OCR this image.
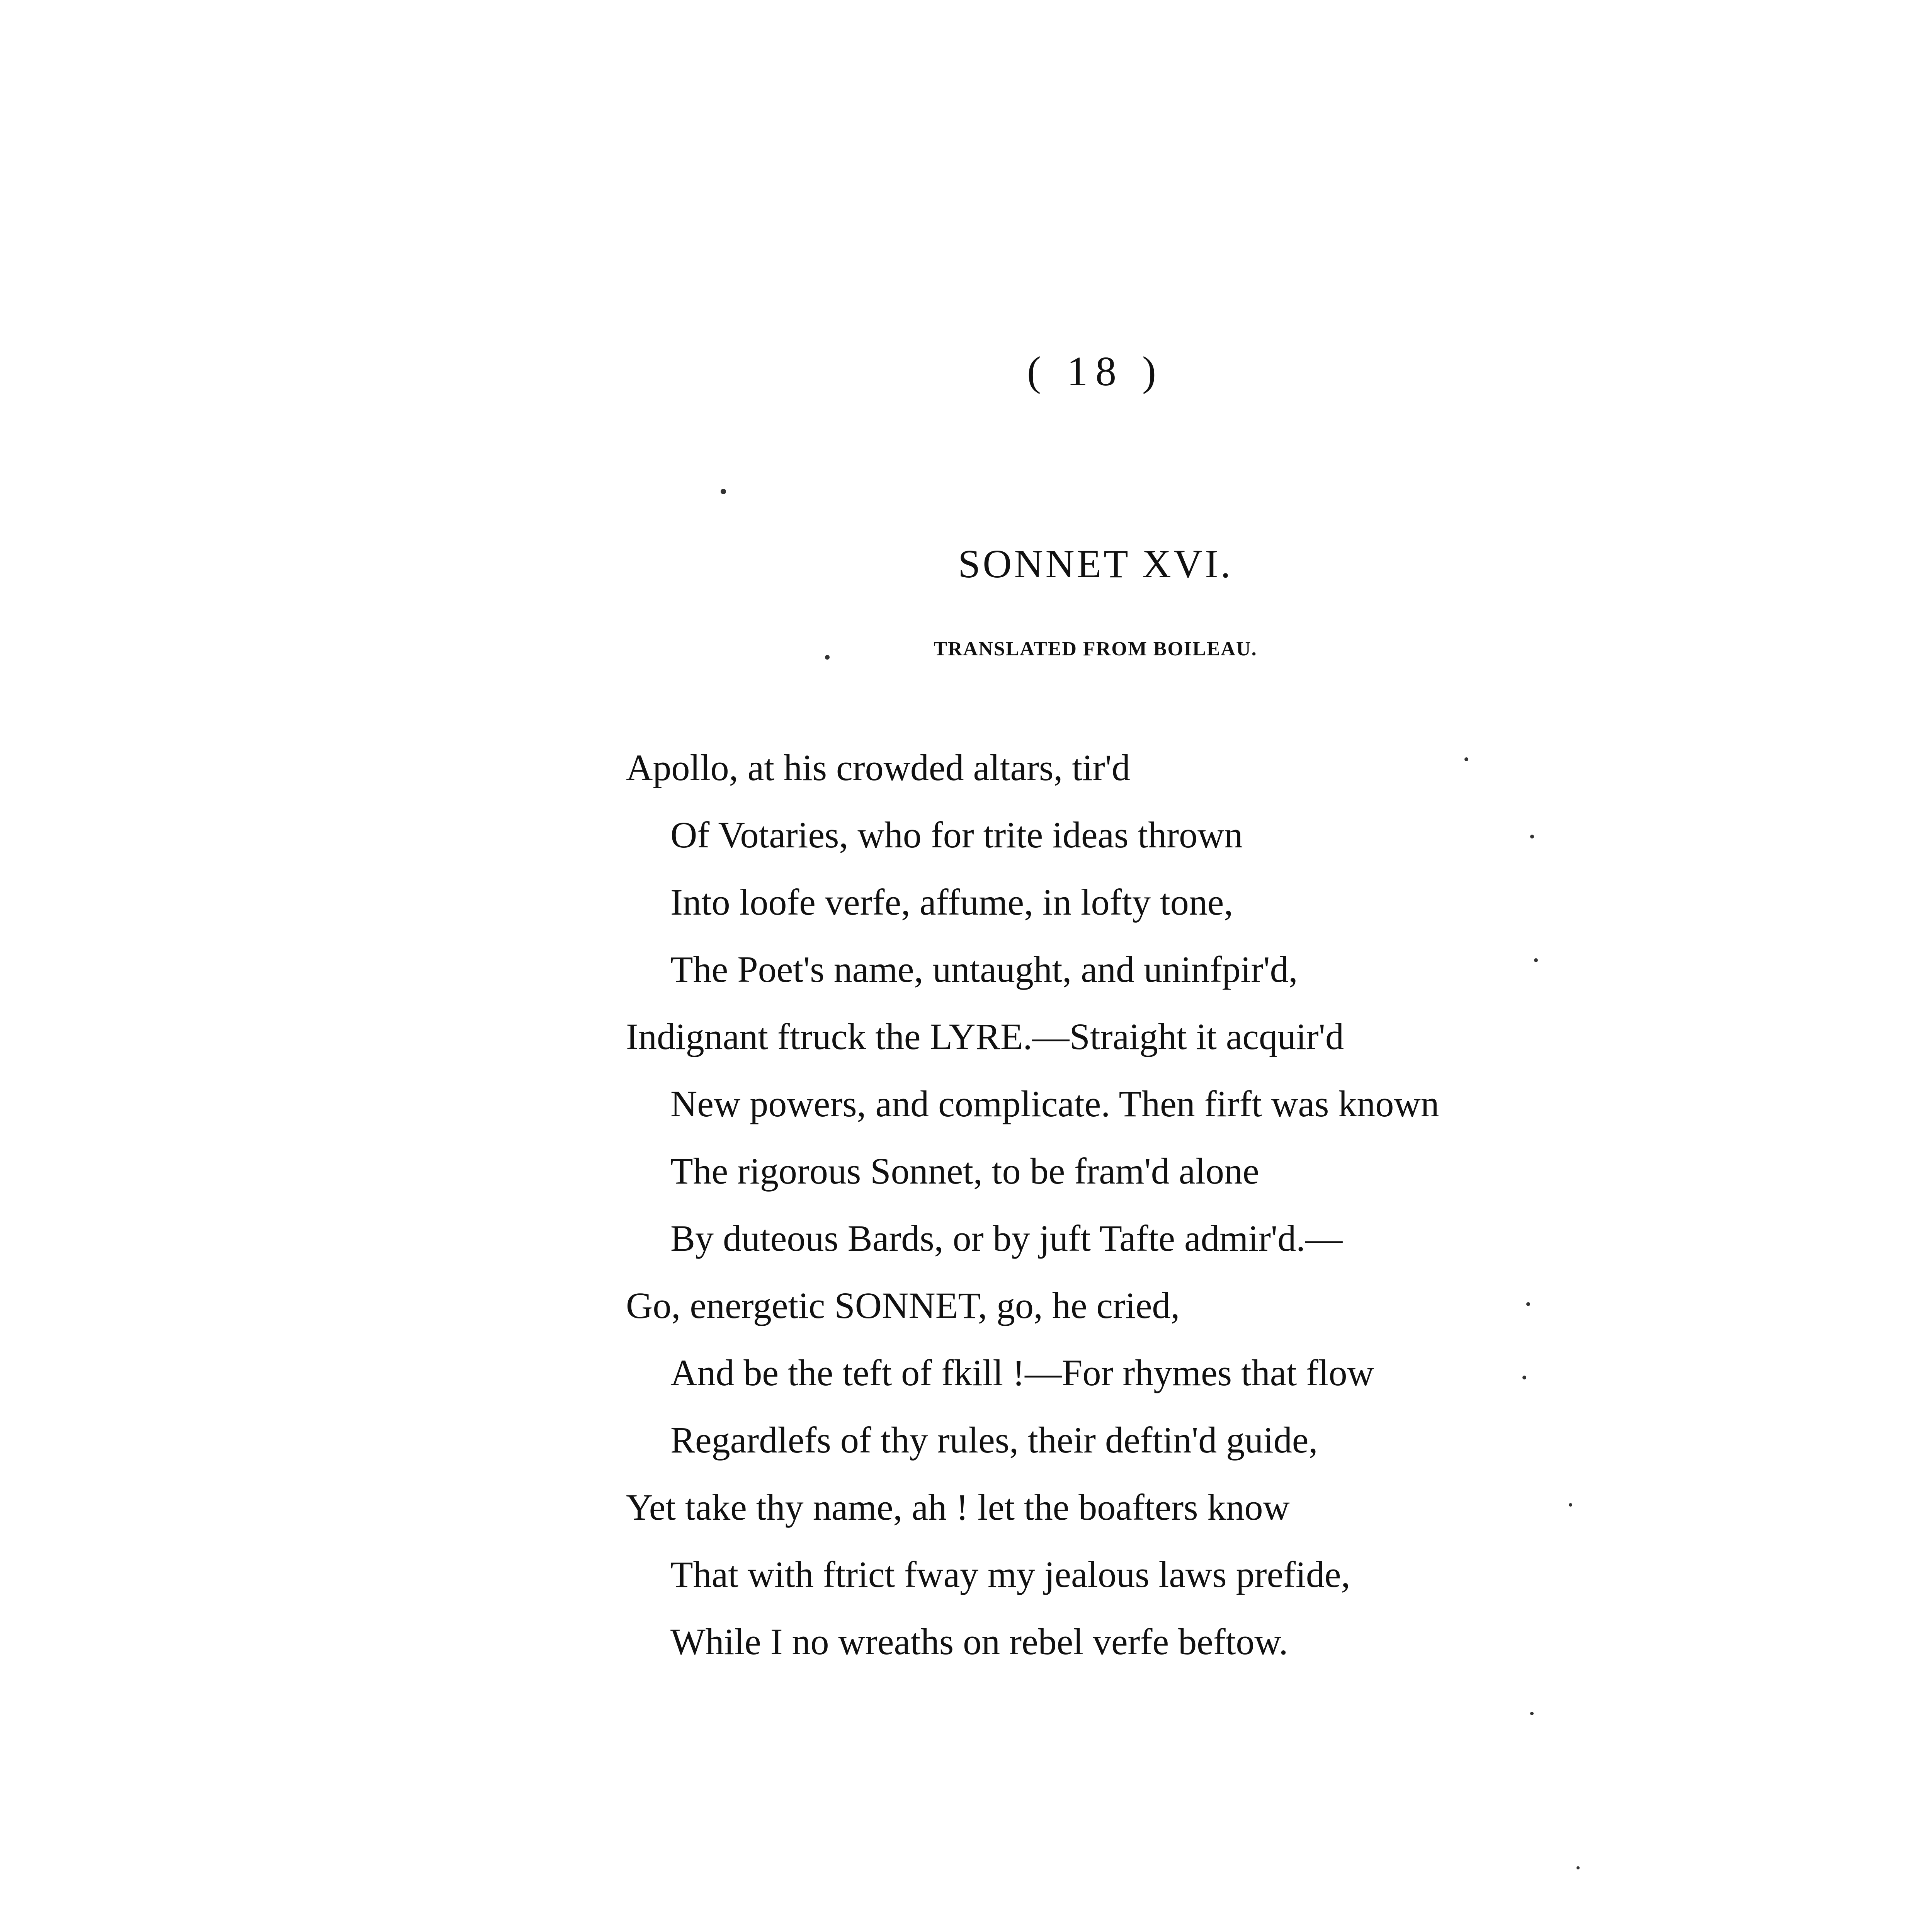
( 18 )
SONNET XVI.
TRANSLATED FROM BOILEAU.
Apollo, at his crowded altars, tir'd
Of Votaries, who for trite ideas thrown
Into loofe verfe, affume, in lofty tone,
The Poet's name, untaught, and uninfpir'd,
Indignant ftruck the LYRE.—Straight it acquir'd
New powers, and complicate. Then firft was known
The rigorous Sonnet, to be fram'd alone
By duteous Bards, or by juft Tafte admir'd.—
Go, energetic SONNET, go, he cried,
And be the teft of fkill !—For rhymes that flow
Regardlefs of thy rules, their deftin'd guide,
Yet take thy name, ah ! let the boafters know
That with ftrict fway my jealous laws prefide,
While I no wreaths on rebel verfe beftow.
